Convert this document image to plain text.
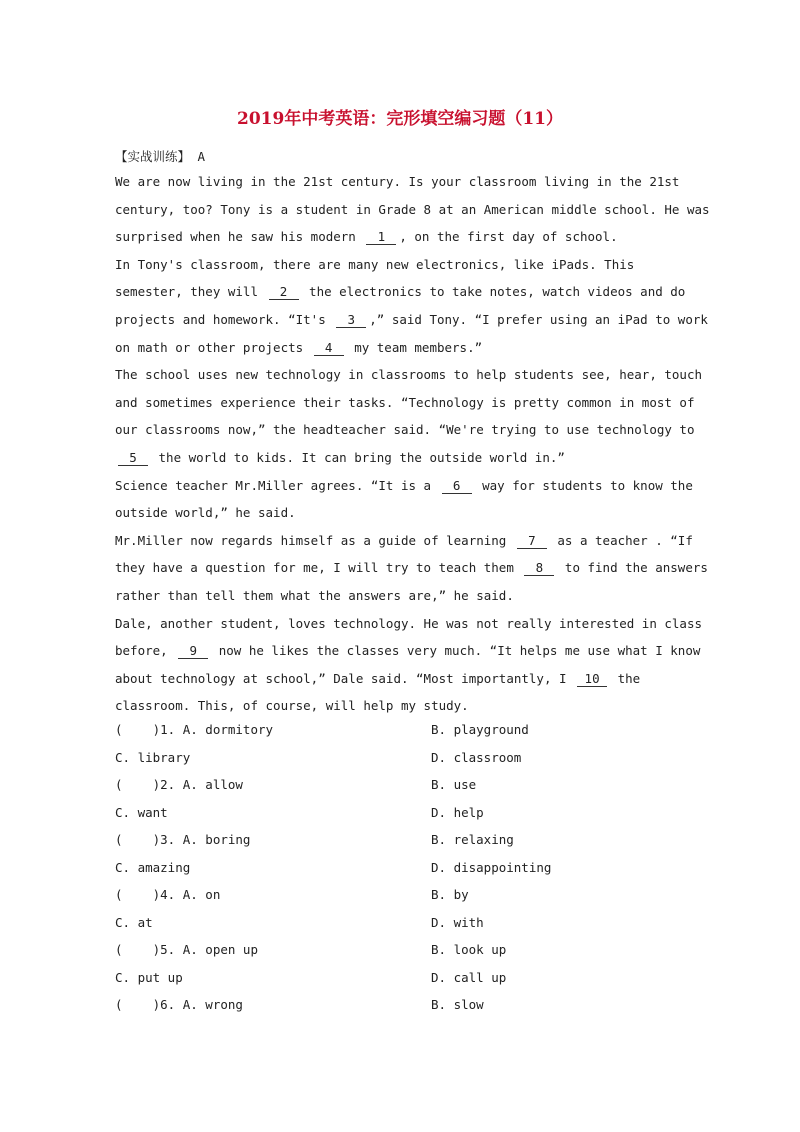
2019年中考英语：完形填空编习题（11）
【实战训练】 A
We are now living in the 21st century. Is your classroom living in the 21st
century, too? Tony is a student in Grade 8 at an American middle school. He was
surprised when he saw his modern 1 , on the first day of school.
In Tony's classroom, there are many new electronics, like iPads. This
semester, they will 2 the electronics to take notes, watch videos and do
projects and homework. “It's 3 ,” said Tony. “I prefer using an iPad to work
on math or other projects 4 my team members.”
The school uses new technology in classrooms to help students see, hear, touch
and sometimes experience their tasks. “Technology is pretty common in most of
our classrooms now,” the headteacher said. “We're trying to use technology to
5 the world to kids. It can bring the outside world in.”
Science teacher Mr.Miller agrees. “It is a 6 way for students to know the
outside world,” he said.
Mr.Miller now regards himself as a guide of learning 7 as a teacher . “If
they have a question for me, I will try to teach them 8 to find the answers
rather than tell them what the answers are,” he said.
Dale, another student, loves technology. He was not really interested in class
before, 9 now he likes the classes very much. “It helps me use what I know
about technology at school,” Dale said. “Most importantly, I 10 the
classroom. This, of course, will help my study.
(    )1. A. dormitory	B. playground
C. library	D. classroom
(    )2. A. allow	B. use
C. want	D. help
(    )3. A. boring	B. relaxing
C. amazing	D. disappointing
(    )4. A. on	B. by
C. at	D. with
(    )5. A. open up	B. look up
C. put up	D. call up
(    )6. A. wrong	B. slow
